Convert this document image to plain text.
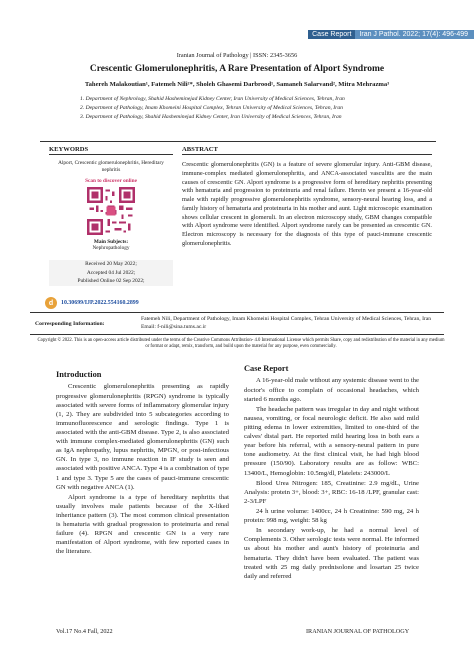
Case Report	Iran J Pathol. 2022; 17(4): 496-499
Iranian Journal of Pathology | ISSN: 2345-3656
Crescentic Glomerulonephritis, A Rare Presentation of Alport Syndrome
Tahereh Malakoutian¹, Fatemeh Nili²*, Sholeh Ghasemi Darbrood¹, Samaneh Salarvand², Mitra Mehrazma³
1. Department of Nephrology, Shahid Hasheminejad Kidney Center, Iran University of Medical Sciences, Tehran, Iran
2. Department of Pathology, Imam Khomeini Hospital Complex, Tehran University of Medical Sciences, Tehran, Iran
3. Department of Pathology, Shahid Hasheminejad Kidney Center, Iran University of Medical Sciences, Tehran, Iran
KEYWORDS	ABSTRACT
Alport, Crescentic glomerulonephritis, Hereditary nephritis
Scan to discover online
Main Subjects:
Nephropathology
Received 20 May 2022;
Accepted 04 Jul 2022;
Published Online 02 Sep 2022;
Crescentic glomerulonephritis (GN) is a feature of severe glomerular injury. Anti-GBM disease, immune-complex mediated glomerulonephritis, and ANCA-associated vasculitis are the main causes of crescentic GN. Alport syndrome is a progressive form of hereditary nephritis presenting with hematuria and progression to proteinuria and renal failure. Herein we present a 16-year-old male with rapidly progressive glomerulonephritis syndrome, sensory-neural hearing loss, and a family history of hematuria and proteinuria in his mother and aunt. Light microscopic examination shows cellular crescent in glomeruli. In an electron microscopy study, GBM changes compatible with Alport syndrome were identified. Alport syndrome rarely can be presented as crescentic GN. Electron microscopy is necessary for the diagnosis of this type of pauci-immune crescentic glomerulonephritis.
d	10.30699/IJP.2022.554160.2899
Corresponding Information:
Fatemeh Nili, Department of Pathology, Imam Khomeini Hospital Complex, Tehran University of Medical Sciences, Tehran, Iran Email: f-nili@sina.tums.ac.ir
Copyright © 2022. This is an open-access article distributed under the terms of the Creative Commons Attribution- 4.0 International License which permits Share, copy and redistribution of the material in any medium or format or adapt, remix, transform, and build upon the material for any purpose, even commercially.
Introduction

Crescentic glomerulonephritis presenting as rapidly progressive glomerulonephritis (RPGN) syndrome is typically associated with severe forms of inflammatory glomerular injury (1, 2). They are subdivided into 5 subcategories according to immunofluorescence and serologic findings. Type 1 is associated with the anti-GBM disease. Type 2, is also associated with immune complex-mediated glomerulonephritis (GN) such as IgA nephropathy, lupus nephritis, MPGN, or post-infectious GN. In type 3, no immune reaction in IF study is seen and associated with positive ANCA. Type 4 is a combination of type 1 and type 3. Type 5 are the cases of pauci-immune crescentic GN with negative ANCA (1).

Alport syndrome is a type of hereditary nephritis that usually involves male patients because of the X-liked inheritance pattern (3). The most common clinical presentation is hematuria with gradual progression to proteinuria and renal failure (4). RPGN and crescentic GN is a very rare manifestation of Alport syndrome, with few reported cases in the literature.

Case Report

A 16-year-old male without any systemic disease went to the doctor's office to complain of occasional headaches, which started 6 months ago.

The headache pattern was irregular in day and night without nausea, vomiting, or focal neurologic deficit. He also said mild pitting edema in lower extremities, limited to one-third of the calves' distal part. He reported mild hearing loss in both ears a year before his referral, with a sensory-neural pattern in pure tone audiometry. At the first clinical visit, he had high blood pressure (150/90). Laboratory results are as follow: WBC: 13400/L, Hemoglobin: 10.5mg/dl, Platelets: 243000/L

Blood Urea Nitrogen: 185, Creatinine: 2.9 mg/dL, Urine Analysis: protein 3+, blood: 3+, RBC: 16-18 /LPF, granular cast: 2-3/LPF

24 h urine volume: 1400cc, 24 h Creatinine: 590 mg, 24 h protein: 998 mg, weight: 58 kg

In secondary work-up, he had a normal level of Complements 3. Other serologic tests were normal. He informed us about his mother and aunt's history of proteinuria and hematuria. They didn't have been evaluated. The patient was treated with 25 mg daily prednisolone and losartan 25 twice daily and referred

Vol.17 No.4 Fall, 2022	IRANIAN JOURNAL OF PATHOLOGY
